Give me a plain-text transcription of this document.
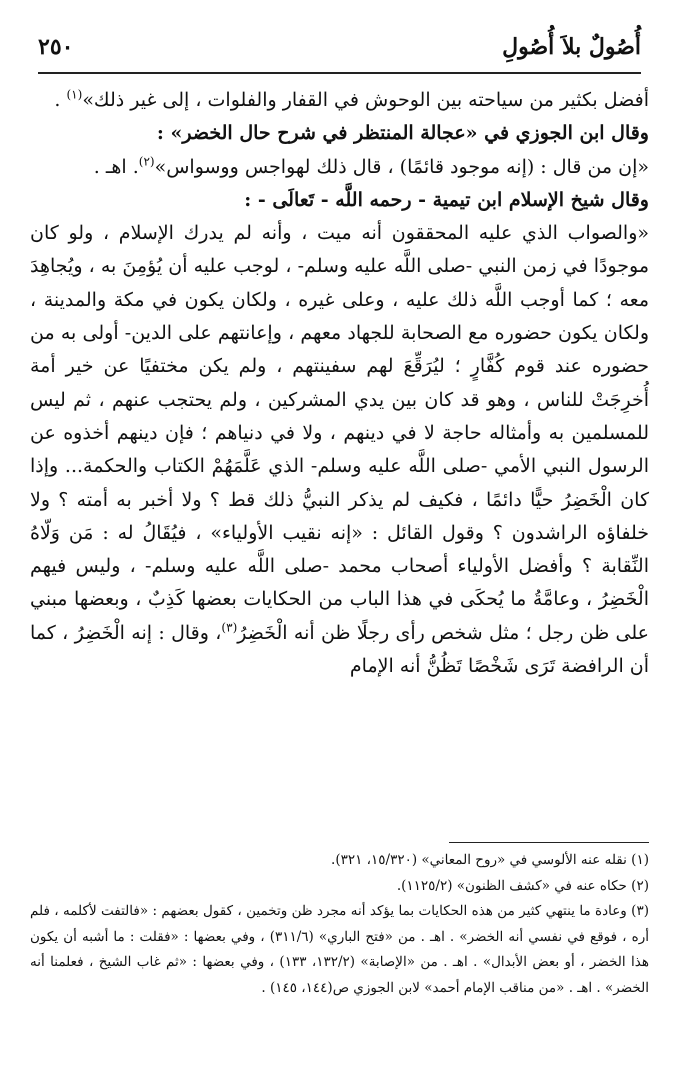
أُصُولٌ بلاَ أُصُولِ
٢٥٠

أفضل بكثير من سياحته بين الوحوش في القفار والفلوات ، إلى غير ذلك»$^{(١)}$ .

وقال ابن الجوزي في «عجالة المنتظر في شرح حال الخضر» :

«إن من قال : (إنه موجود قائمًا) ، قال ذلك لهواجس ووسواس»$^{(٢)}$. اهـ .

وقال شيخ الإسلام ابن تيمية - رحمه اللَّه - تَعالَى - :

«والصواب الذي عليه المحققون أنه ميت ، وأنه لم يدرك الإسلام ، ولو كان موجودًا في زمن النبي -صلى اللَّه عليه وسلم- ، لوجب عليه أن يُؤمِنَ به ، ويُجاهِدَ معه ؛ كما أوجب اللَّه ذلك عليه ، وعلى غيره ، ولكان يكون في مكة والمدينة ، ولكان يكون حضوره مع الصحابة للجهاد معهم ، وإعانتهم على الدين- أولى به من حضوره عند قوم كُفَّارٍ ؛ ليُرَقِّعَ لهم سفينتهم ، ولم يكن مختفيًا عن خير أمة أُخرِجَتْ للناس ، وهو قد كان بين يدي المشركين ، ولم يحتجب عنهم ، ثم ليس للمسلمين به وأمثاله حاجة لا في دينهم ، ولا في دنياهم ؛ فإن دينهم أخذوه عن الرسول النبي الأمي -صلى اللَّه عليه وسلم- الذي عَلَّمَهُمْ الكتاب والحكمة... وإذا كان الْخَضِرُ حيًّا دائمًا ، فكيف لم يذكر النبيُّ ذلك قط ؟ ولا أخبر به أمته ؟ ولا خلفاؤه الراشدون ؟ وقول القائل : «إنه نقيب الأولياء» ، فيُقَالُ له : مَن وَلّاهُ النِّقابة ؟ وأفضل الأولياء أصحاب محمد -صلى اللَّه عليه وسلم- ، وليس فيهم الْخَضِرُ ، وعامَّةُ ما يُحكَى في هذا الباب من الحكايات بعضها كَذِبٌ ، وبعضها مبني على ظن رجل ؛ مثل شخص رأى رجلًا ظن أنه الْخَضِرُ$^{(٣)}$، وقال : إنه الْخَضِرُ ، كما أن الرافضة تَرَى شَخْصًا تَظُنُّ أنه الإمام

(١) نقله عنه الألوسي في «روح المعاني» (١٥/٣٢٠، ٣٢١).

(٢) حكاه عنه في «كشف الظنون» (١١٢٥/٢).

(٣) وعادة ما ينتهي كثير من هذه الحكايات بما يؤكد أنه مجرد ظن وتخمين ، كقول بعضهم : «فالتفت لأكلمه ، فلم أره ، فوقع في نفسي أنه الخضر» . اهـ . من «فتح الباري» (٣١١/٦) ، وفي بعضها : «فقلت : ما أشبه أن يكون هذا الخضر ، أو بعض الأبدال» . اهـ . من «الإصابة» (١٣٢/٢، ١٣٣) ، وفي بعضها : «ثم غاب الشيخ ، فعلمنا أنه الخضر» . اهـ . «من مناقب الإمام أحمد» لابن الجوزي ص(١٤٤، ١٤٥) .
